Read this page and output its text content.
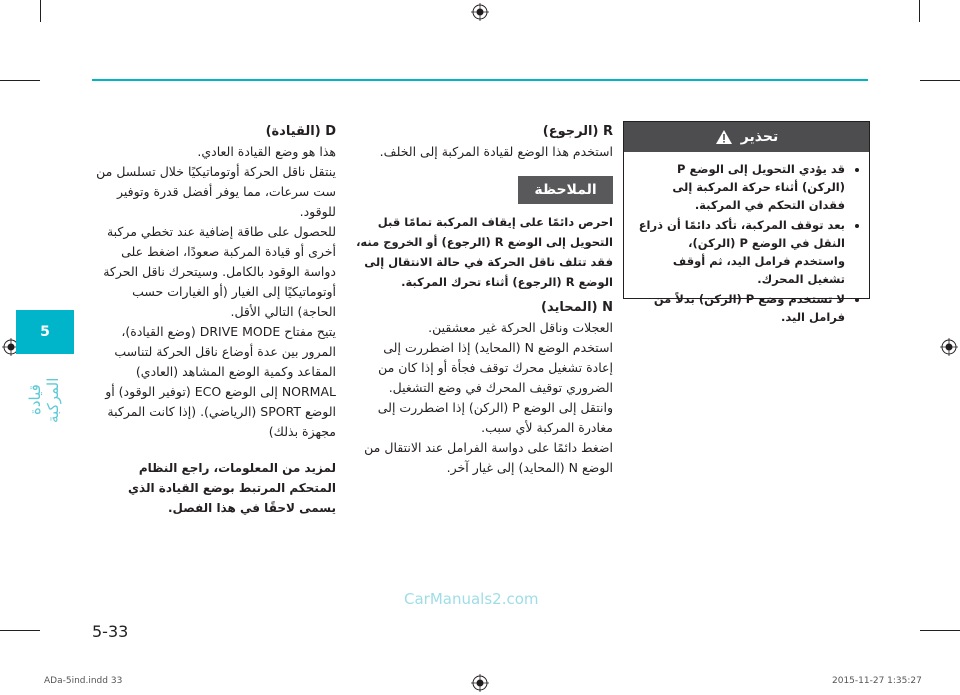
5
قيادة المركبة

D (القيادة)

هذا هو وضع القيادة العادي.

ينتقل ناقل الحركة أوتوماتيكيًا خلال تسلسل من ست سرعات، مما يوفر أفضل قدرة وتوفير للوقود.

للحصول على طاقة إضافية عند تخطي مركبة أخرى أو قيادة المركبة صعودًا، اضغط على دواسة الوقود بالكامل. وسيتحرك ناقل الحركة أوتوماتيكيًا إلى الغيار (أو الغيارات حسب الحاجة) التالي الأقل.

يتيح مفتاح DRIVE MODE (وضع القيادة)، المرور بين عدة أوضاع ناقل الحركة لتناسب المقاعد وكمية الوضع المشاهد (العادي) NORMAL إلى الوضع ECO (توفير الوقود) أو الوضع SPORT (الرياضي). (إذا كانت المركبة مجهزة بذلك)

لمزيد من المعلومات، راجع النظام المتحكم المرتبط بوضع القيادة الذي يسمى لاحقًا في هذا الفصل.

R (الرجوع)

استخدم هذا الوضع لقيادة المركبة إلى الخلف.

الملاحظة
احرص دائمًا على إيقاف المركبة تمامًا قبل التحويل إلى الوضع R (الرجوع) أو الخروج منه، فقد تتلف ناقل الحركة في حالة الانتقال إلى الوضع R (الرجوع) أثناء تحرك المركبة.

N (المحايد)

العجلات وناقل الحركة غير معشقين.

استخدم الوضع N (المحايد) إذا اضطررت إلى إعادة تشغيل محرك توقف فجأة أو إذا كان من الضروري توقيف المحرك في وضع التشغيل. وانتقل إلى الوضع P (الركن) إذا اضطررت إلى مغادرة المركبة لأي سبب.

اضغط دائمًا على دواسة الفرامل عند الانتقال من الوضع N (المحايد) إلى غيار آخر.

تحذير
• قد يؤدي التحويل إلى الوضع P (الركن) أثناء حركة المركبة إلى فقدان التحكم في المركبة.
• بعد توقف المركبة، تأكد دائمًا أن ذراع النقل في الوضع P (الركن)، واستخدم فرامل اليد، ثم أوقف تشغيل المحرك.
• لا تستخدم وضع P (الركن) بدلاً من فرامل اليد.
CarManuals2.com
5-33
ADa-5ind.indd 33	2015-11-27 1:35:27
